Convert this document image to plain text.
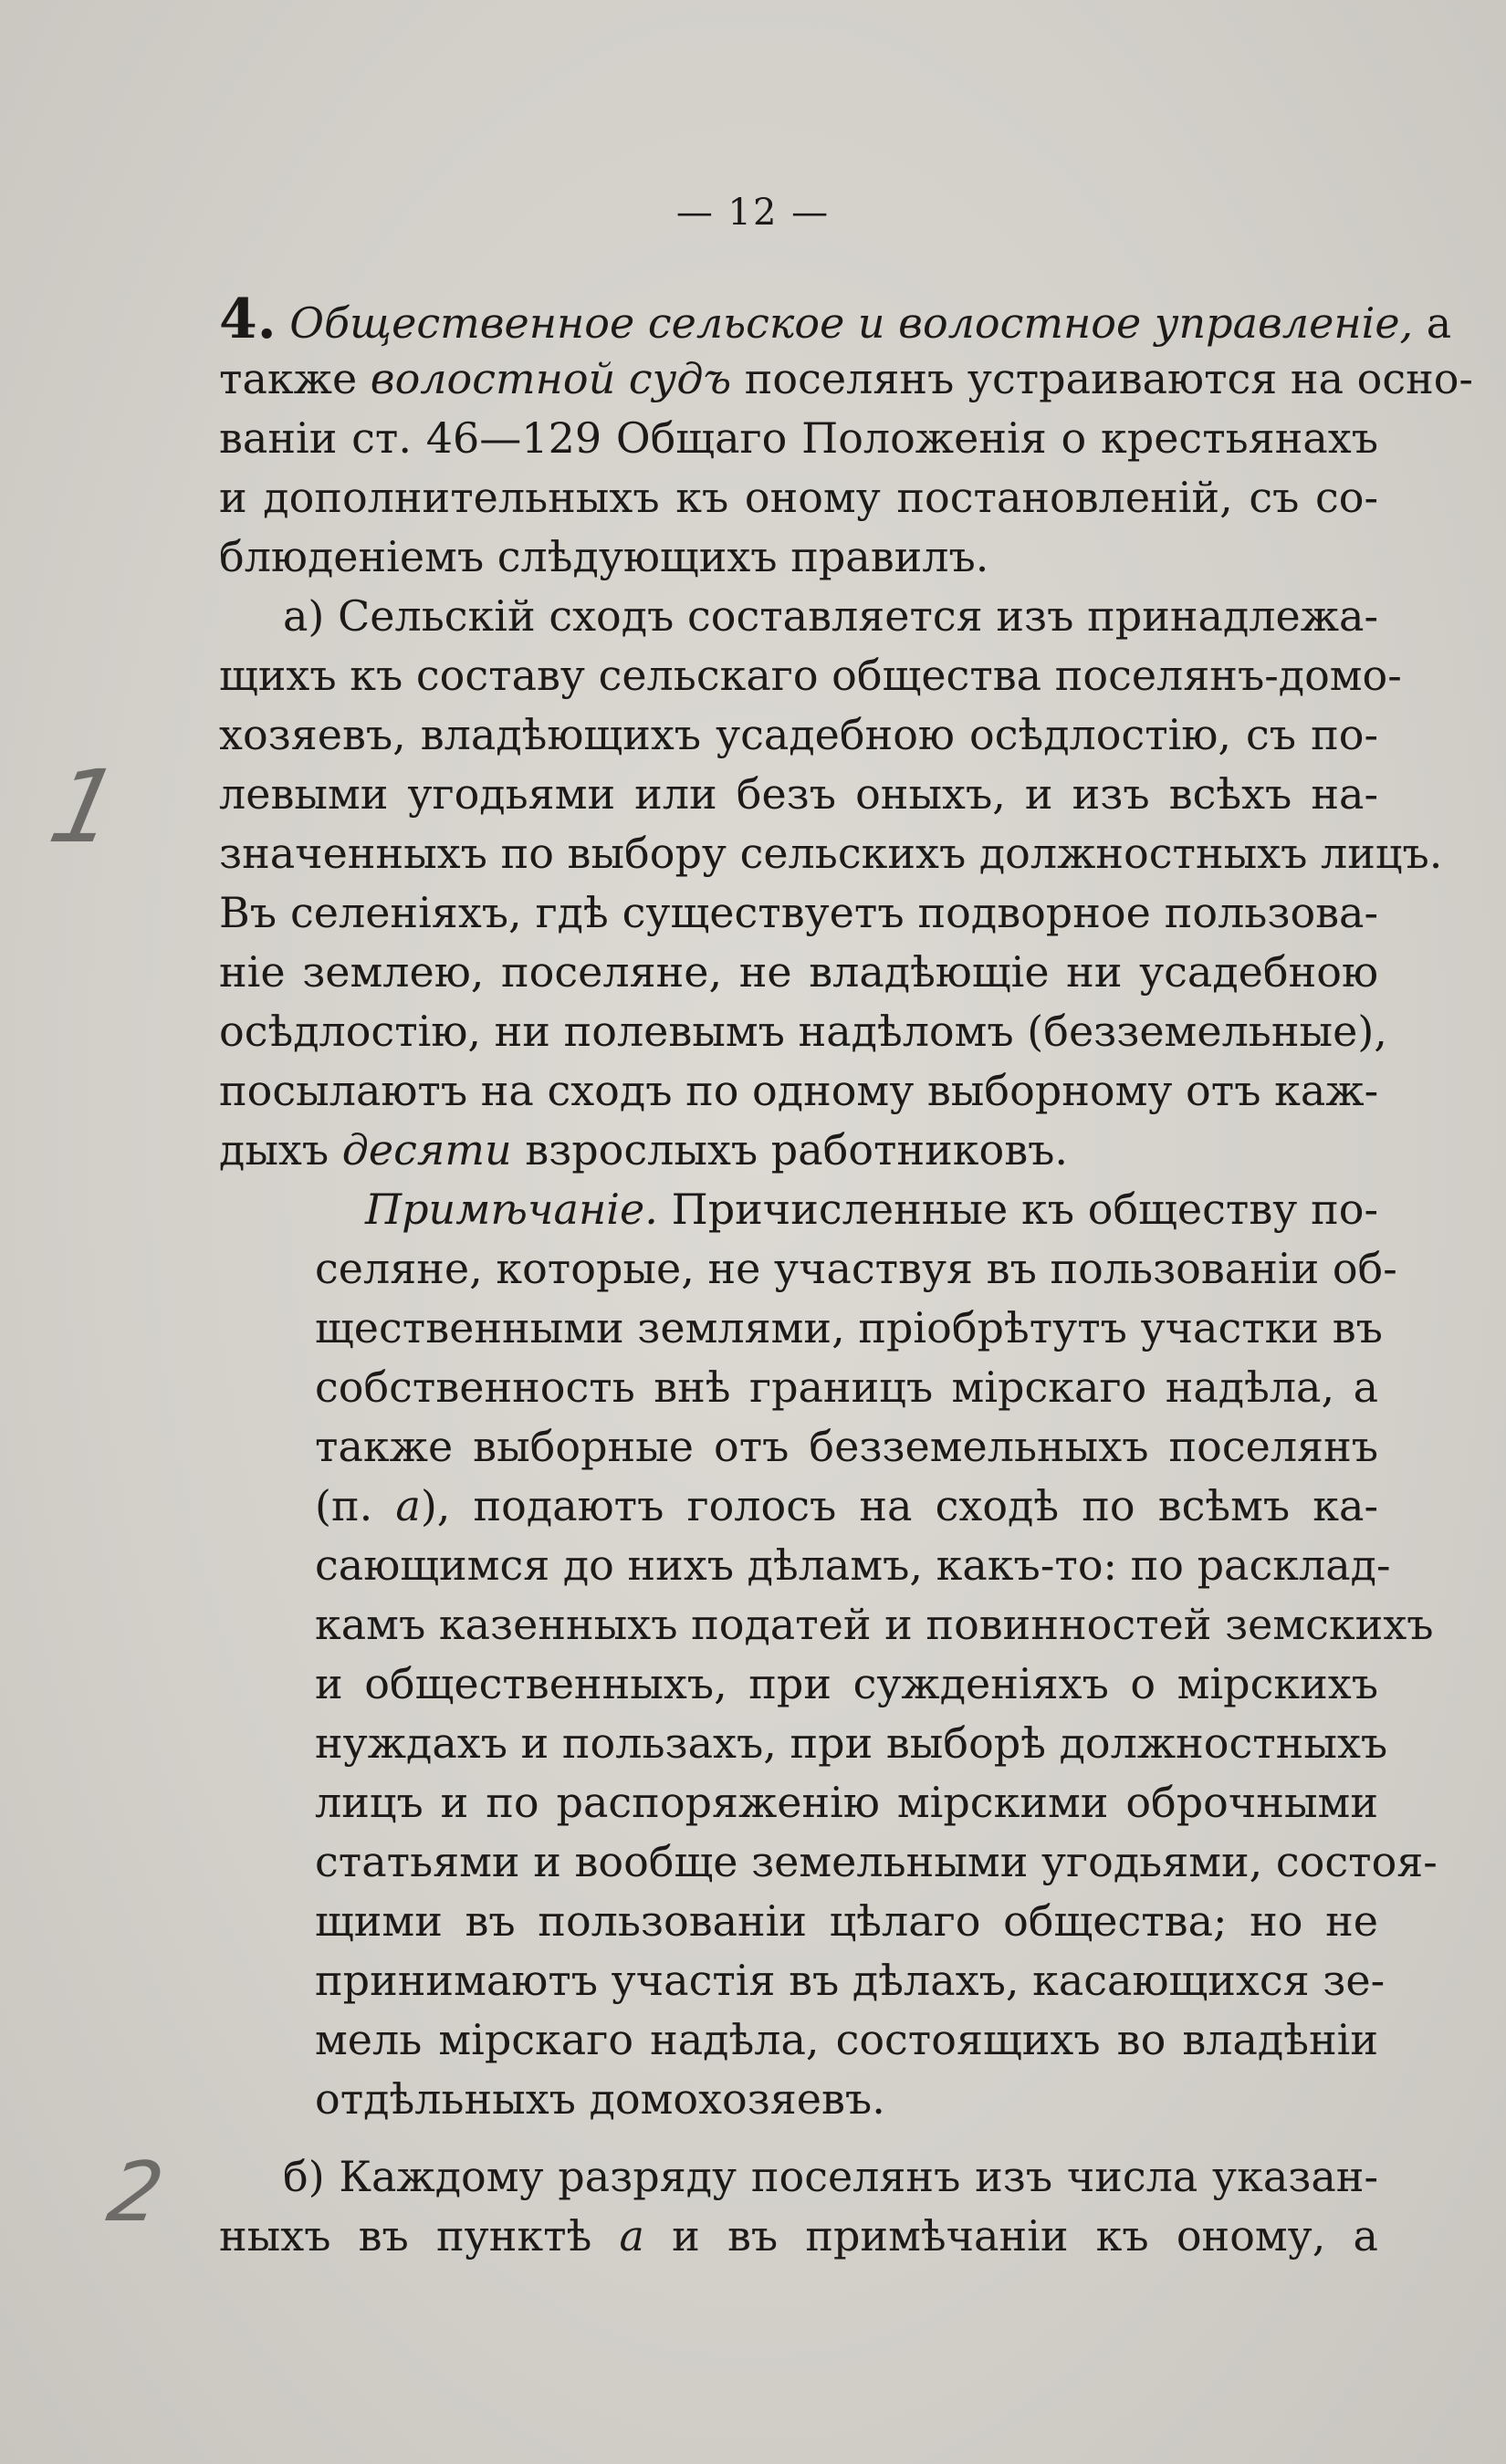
— 12 —
1
2
4. Общественное сельское и волостное управленіе, а
также волостной судъ поселянъ устраиваются на осно-
ваніи ст. 46—129 Общаго Положенія о крестьянахъ
и дополнительныхъ къ оному постановленій, съ со-
блюденіемъ слѣдующихъ правилъ.
а) Сельскій сходъ составляется изъ принадлежа-
щихъ къ составу сельскаго общества поселянъ-домо-
хозяевъ, владѣющихъ усадебною осѣдлостію, съ по-
левыми угодьями или безъ оныхъ, и изъ всѣхъ на-
значенныхъ по выбору сельскихъ должностныхъ лицъ.
Въ селеніяхъ, гдѣ существуетъ подворное пользова-
ніе землею, поселяне, не владѣющіе ни усадебною
осѣдлостію, ни полевымъ надѣломъ (безземельные),
посылаютъ на сходъ по одному выборному отъ каж-
дыхъ десяти взрослыхъ работниковъ.
Примѣчаніе. Причисленные къ обществу по-
селяне, которые, не участвуя въ пользованіи об-
щественными землями, пріобрѣтутъ участки въ
собственность внѣ границъ мірскаго надѣла, а
также выборные отъ безземельныхъ поселянъ
(п. а), подаютъ голосъ на сходѣ по всѣмъ ка-
сающимся до нихъ дѣламъ, какъ-то: по расклад-
камъ казенныхъ податей и повинностей земскихъ
и общественныхъ, при сужденіяхъ о мірскихъ
нуждахъ и пользахъ, при выборѣ должностныхъ
лицъ и по распоряженію мірскими оброчными
статьями и вообще земельными угодьями, состоя-
щими въ пользованіи цѣлаго общества; но не
принимаютъ участія въ дѣлахъ, касающихся зе-
мель мірскаго надѣла, состоящихъ во владѣніи
отдѣльныхъ домохозяевъ.
б) Каждому разряду поселянъ изъ числа указан-
ныхъ въ пунктѣ а и въ примѣчаніи къ оному, а
